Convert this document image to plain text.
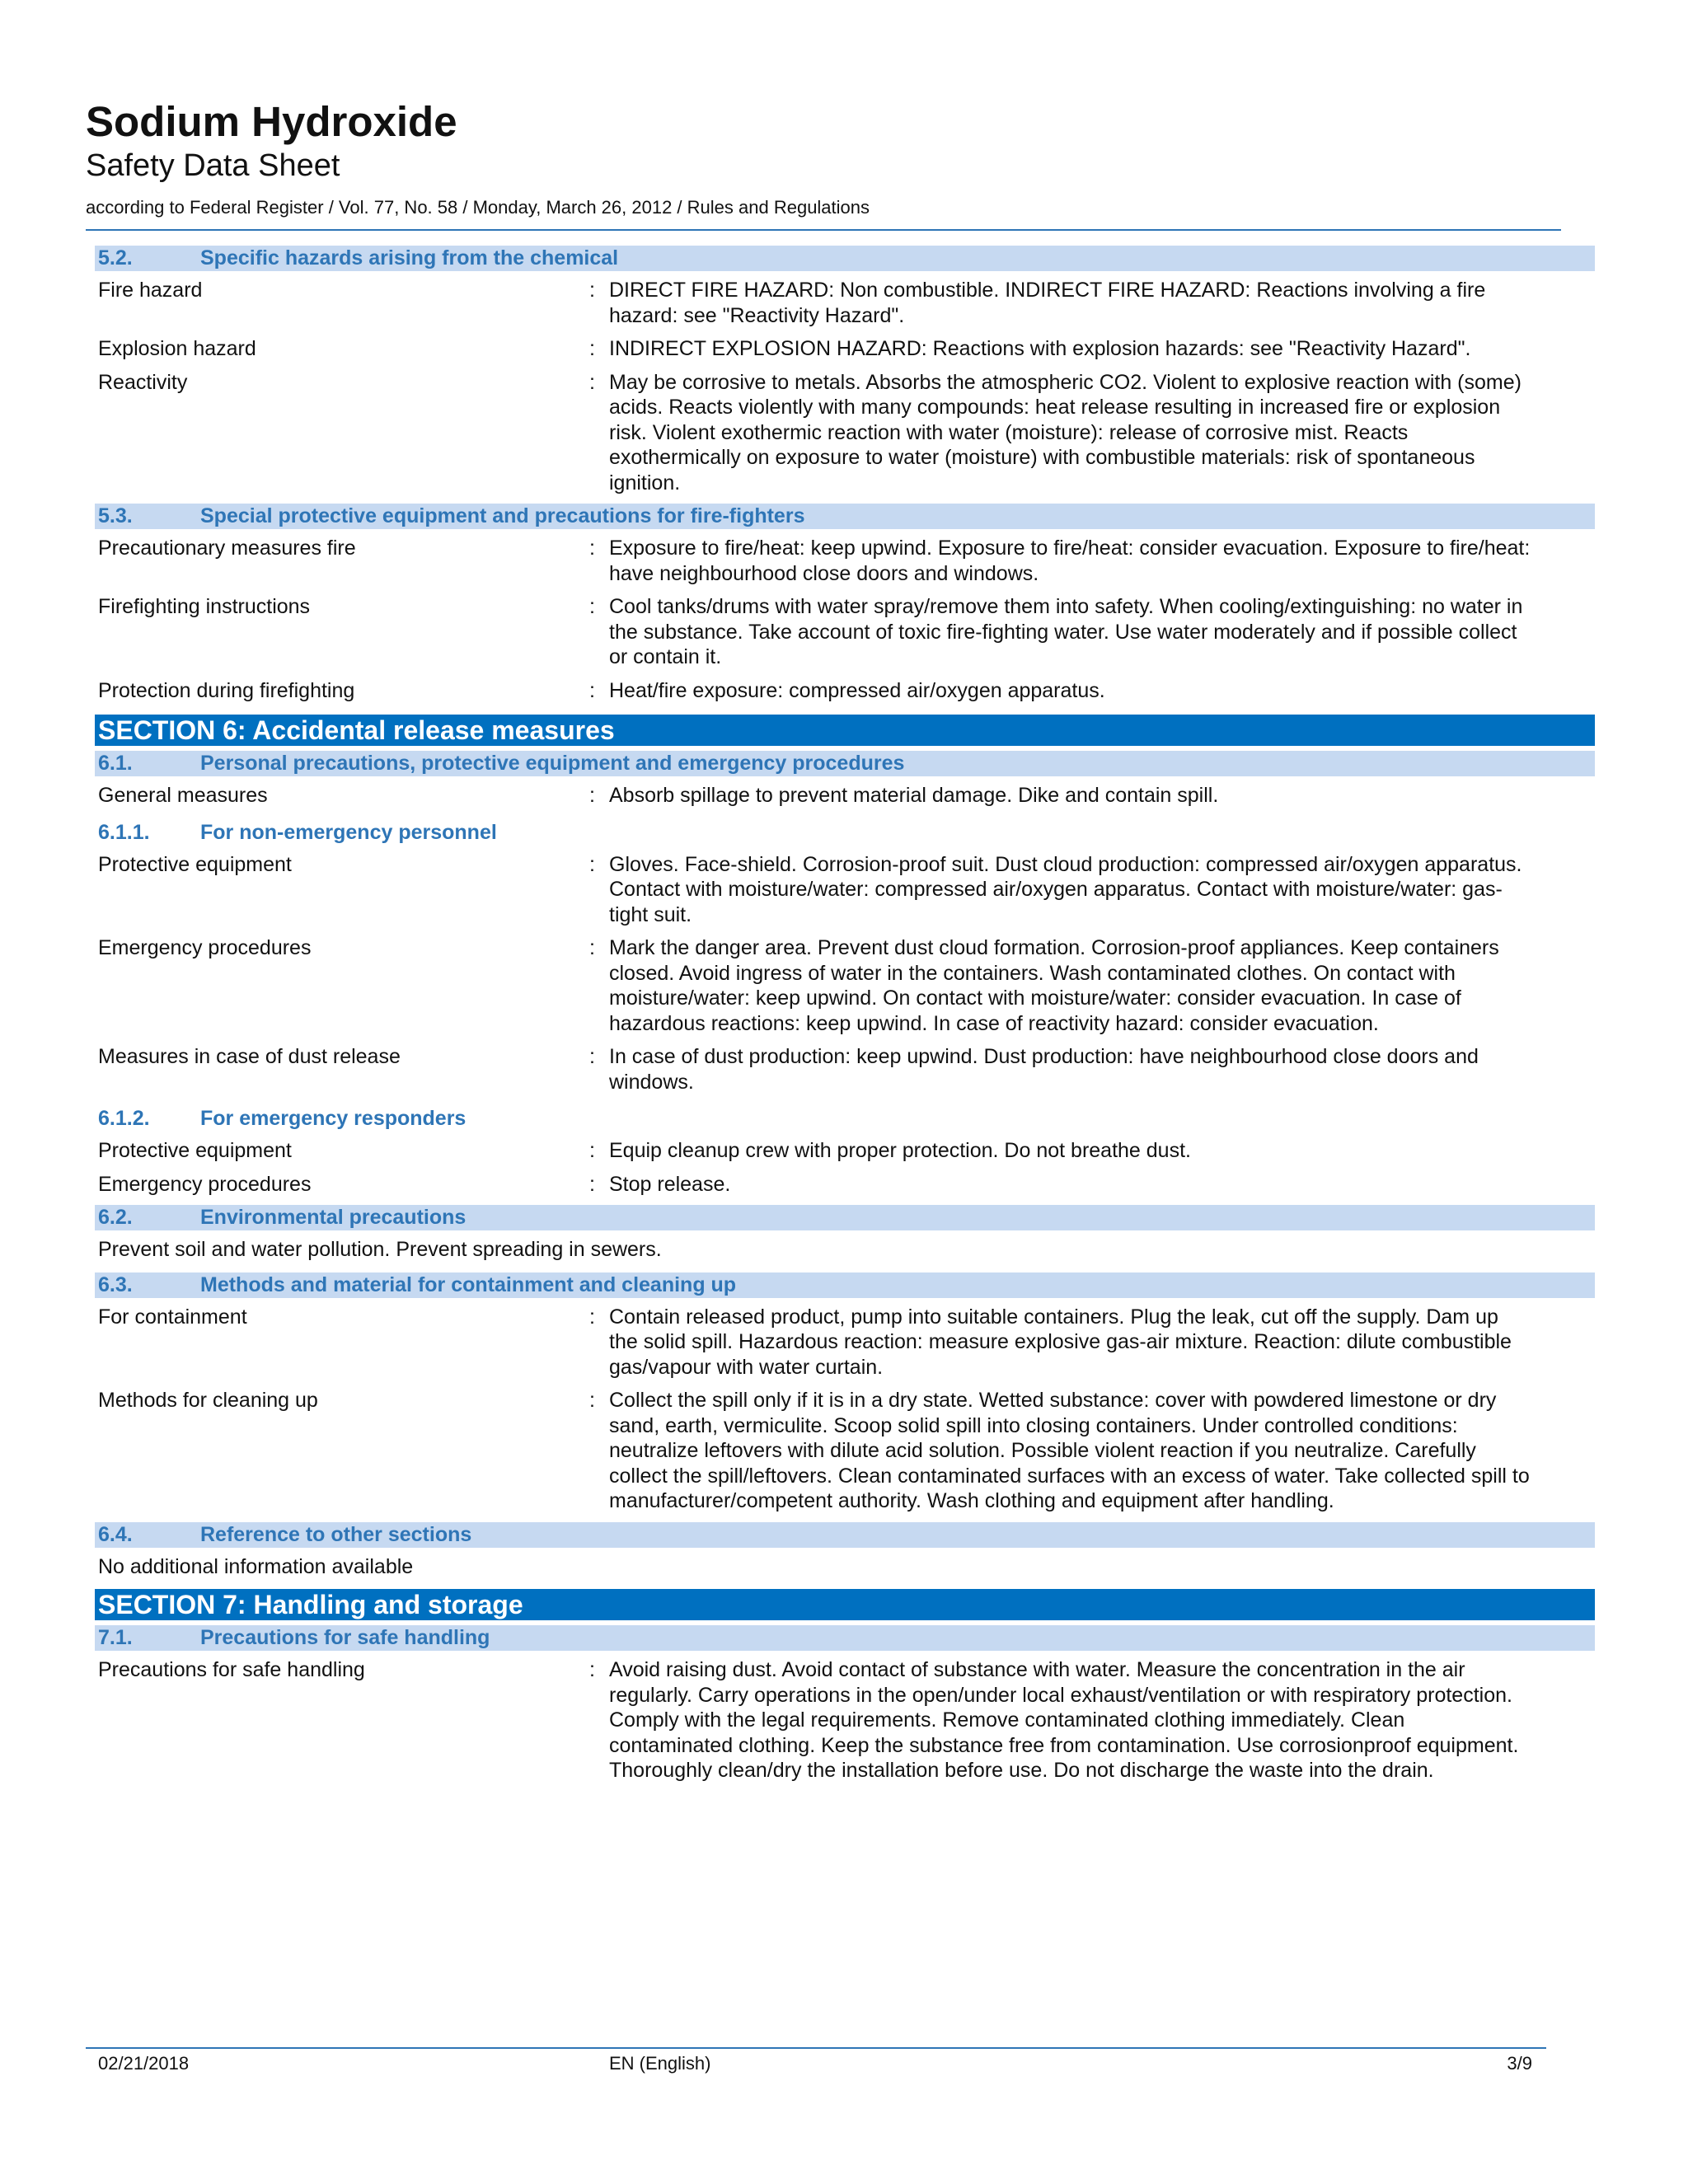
Sodium Hydroxide
Safety Data Sheet
according to Federal Register / Vol. 77, No. 58 / Monday, March 26, 2012 / Rules and Regulations
5.2.	Specific hazards arising from the chemical
Fire hazard	: DIRECT FIRE HAZARD: Non combustible. INDIRECT FIRE HAZARD: Reactions involving a fire hazard: see "Reactivity Hazard".
Explosion hazard	: INDIRECT EXPLOSION HAZARD: Reactions with explosion hazards: see "Reactivity Hazard".
Reactivity	: May be corrosive to metals. Absorbs the atmospheric CO2. Violent to explosive reaction with (some) acids. Reacts violently with many compounds: heat release resulting in increased fire or explosion risk. Violent exothermic reaction with water (moisture): release of corrosive mist. Reacts exothermically on exposure to water (moisture) with combustible materials: risk of spontaneous ignition.
5.3.	Special protective equipment and precautions for fire-fighters
Precautionary measures fire	: Exposure to fire/heat: keep upwind. Exposure to fire/heat: consider evacuation. Exposure to fire/heat: have neighbourhood close doors and windows.
Firefighting instructions	: Cool tanks/drums with water spray/remove them into safety. When cooling/extinguishing: no water in the substance. Take account of toxic fire-fighting water. Use water moderately and if possible collect or contain it.
Protection during firefighting	: Heat/fire exposure: compressed air/oxygen apparatus.
SECTION 6: Accidental release measures
6.1.	Personal precautions, protective equipment and emergency procedures
General measures	: Absorb spillage to prevent material damage. Dike and contain spill.
6.1.1.	For non-emergency personnel
Protective equipment	: Gloves. Face-shield. Corrosion-proof suit. Dust cloud production: compressed air/oxygen apparatus. Contact with moisture/water: compressed air/oxygen apparatus. Contact with moisture/water: gas-tight suit.
Emergency procedures	: Mark the danger area. Prevent dust cloud formation. Corrosion-proof appliances. Keep containers closed. Avoid ingress of water in the containers. Wash contaminated clothes. On contact with moisture/water: keep upwind. On contact with moisture/water: consider evacuation. In case of hazardous reactions: keep upwind. In case of reactivity hazard: consider evacuation.
Measures in case of dust release	: In case of dust production: keep upwind. Dust production: have neighbourhood close doors and windows.
6.1.2.	For emergency responders
Protective equipment	: Equip cleanup crew with proper protection. Do not breathe dust.
Emergency procedures	: Stop release.
6.2.	Environmental precautions
Prevent soil and water pollution. Prevent spreading in sewers.
6.3.	Methods and material for containment and cleaning up
For containment	: Contain released product, pump into suitable containers. Plug the leak, cut off the supply. Dam up the solid spill. Hazardous reaction: measure explosive gas-air mixture. Reaction: dilute combustible gas/vapour with water curtain.
Methods for cleaning up	: Collect the spill only if it is in a dry state. Wetted substance: cover with powdered limestone or dry sand, earth, vermiculite. Scoop solid spill into closing containers. Under controlled conditions: neutralize leftovers with dilute acid solution. Possible violent reaction if you neutralize. Carefully collect the spill/leftovers. Clean contaminated surfaces with an excess of water. Take collected spill to manufacturer/competent authority. Wash clothing and equipment after handling.
6.4.	Reference to other sections
No additional information available
SECTION 7: Handling and storage
7.1.	Precautions for safe handling
Precautions for safe handling	: Avoid raising dust. Avoid contact of substance with water. Measure the concentration in the air regularly. Carry operations in the open/under local exhaust/ventilation or with respiratory protection. Comply with the legal requirements. Remove contaminated clothing immediately. Clean contaminated clothing. Keep the substance free from contamination. Use corrosionproof equipment. Thoroughly clean/dry the installation before use. Do not discharge the waste into the drain.
02/21/2018	EN (English)	3/9
